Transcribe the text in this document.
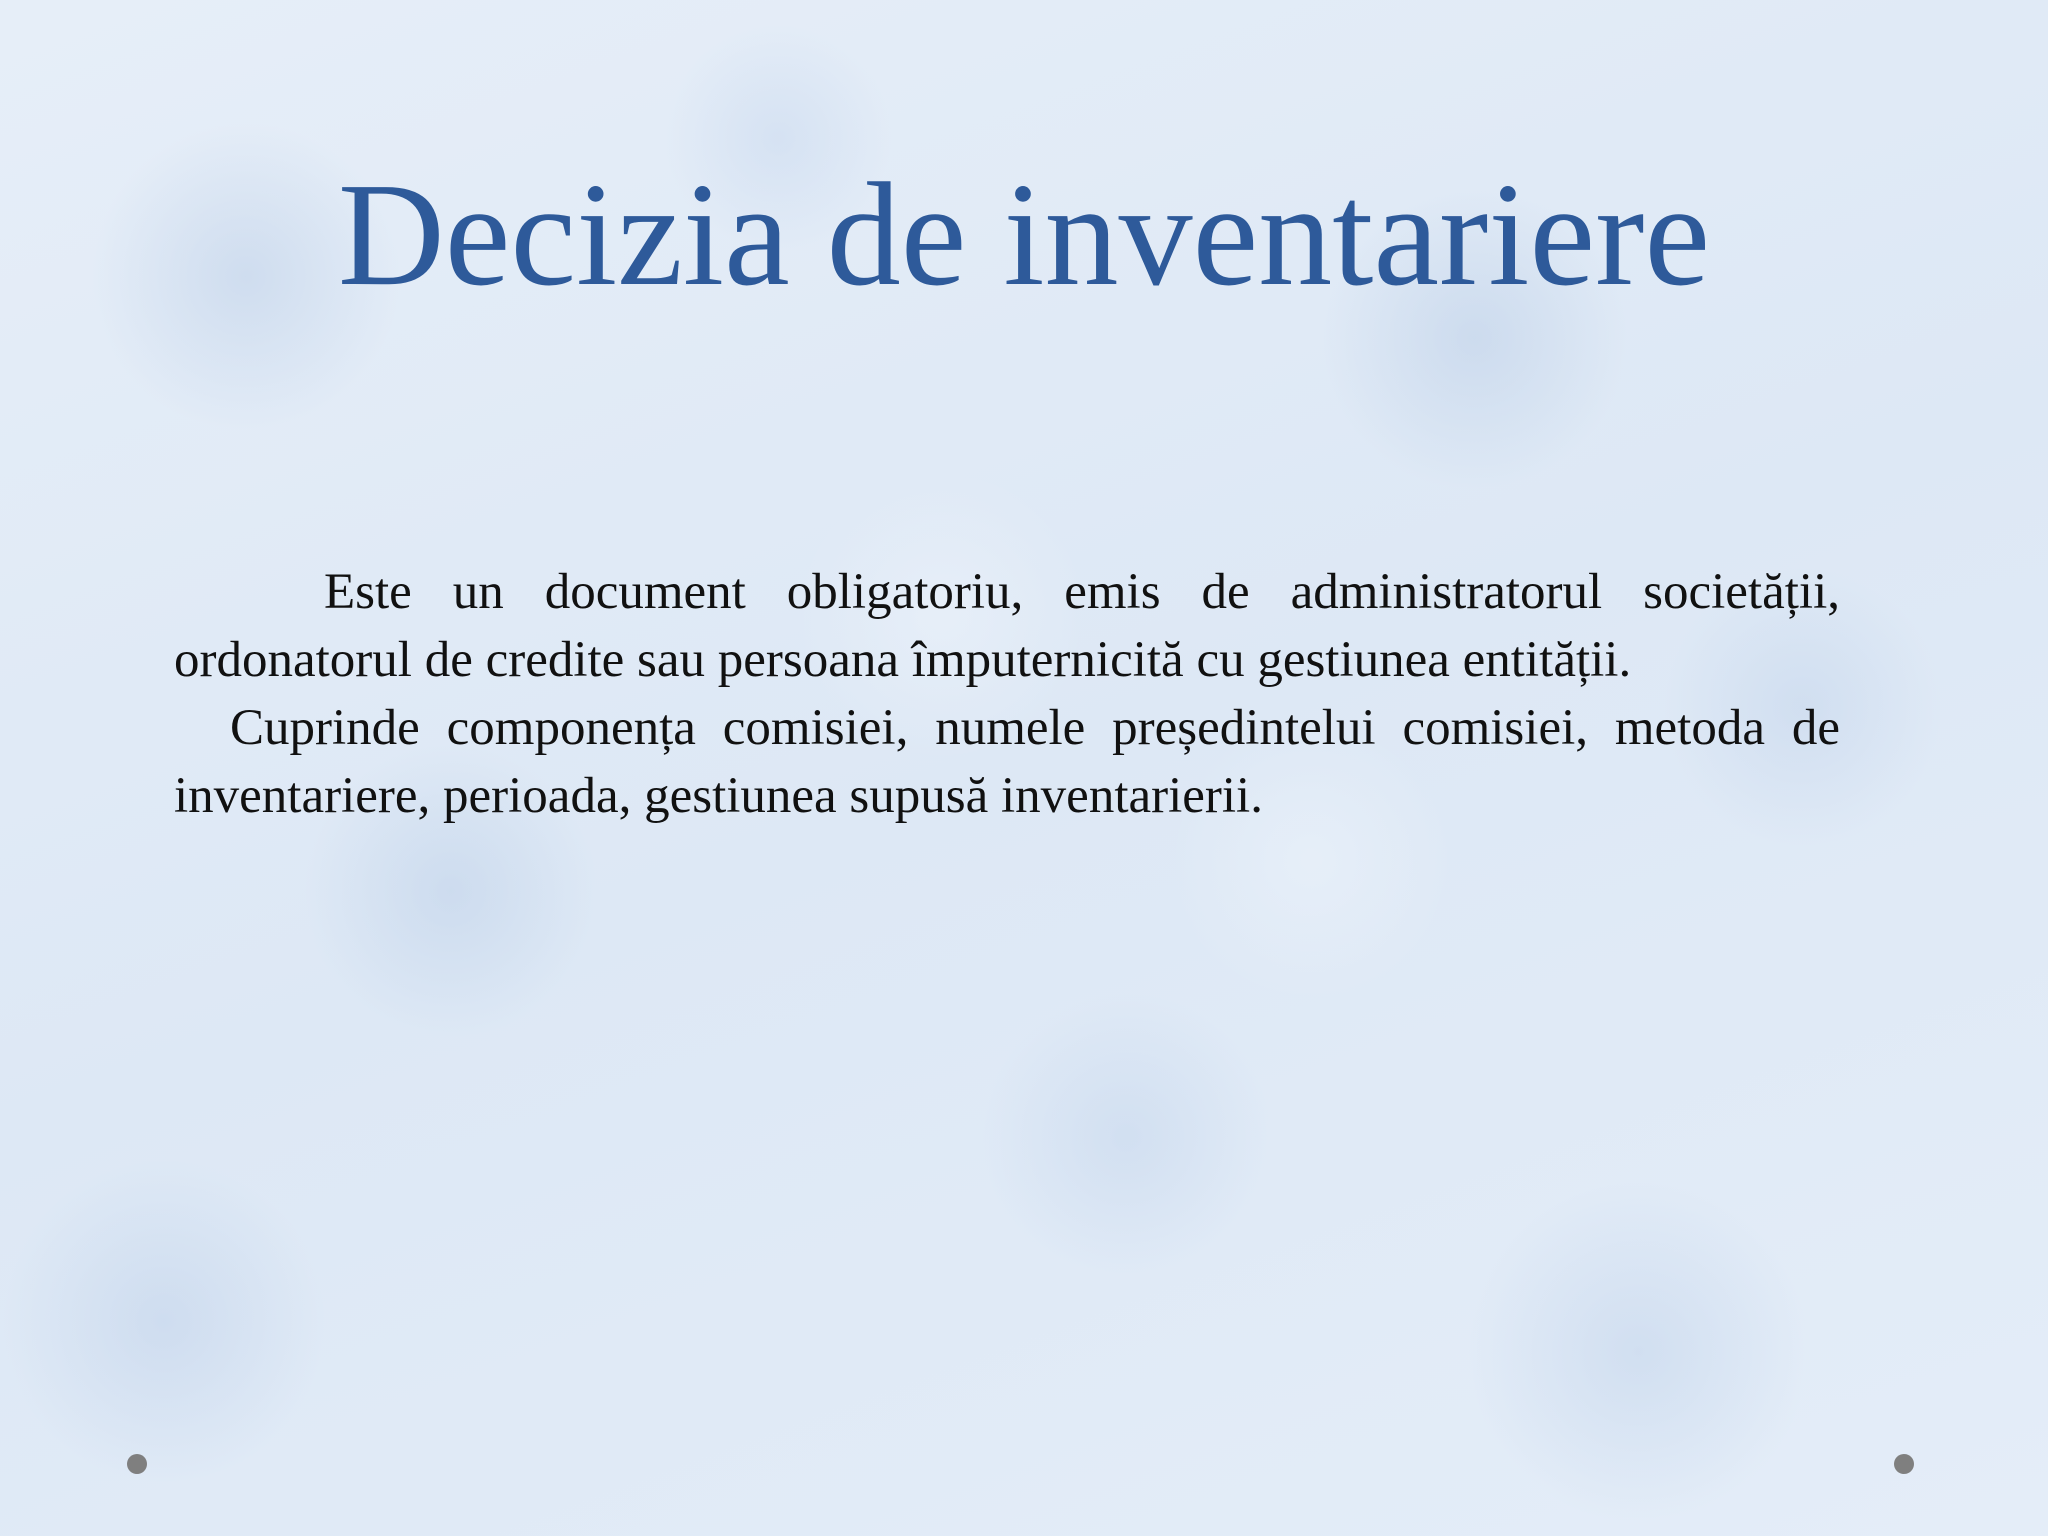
Decizia de inventariere

Este un document obligatoriu, emis de administratorul societății, ordonatorul de credite sau persoana împuternicită cu gestiunea entității.

Cuprinde componența comisiei, numele președintelui comisiei, metoda de inventariere, perioada, gestiunea supusă inventarierii.
